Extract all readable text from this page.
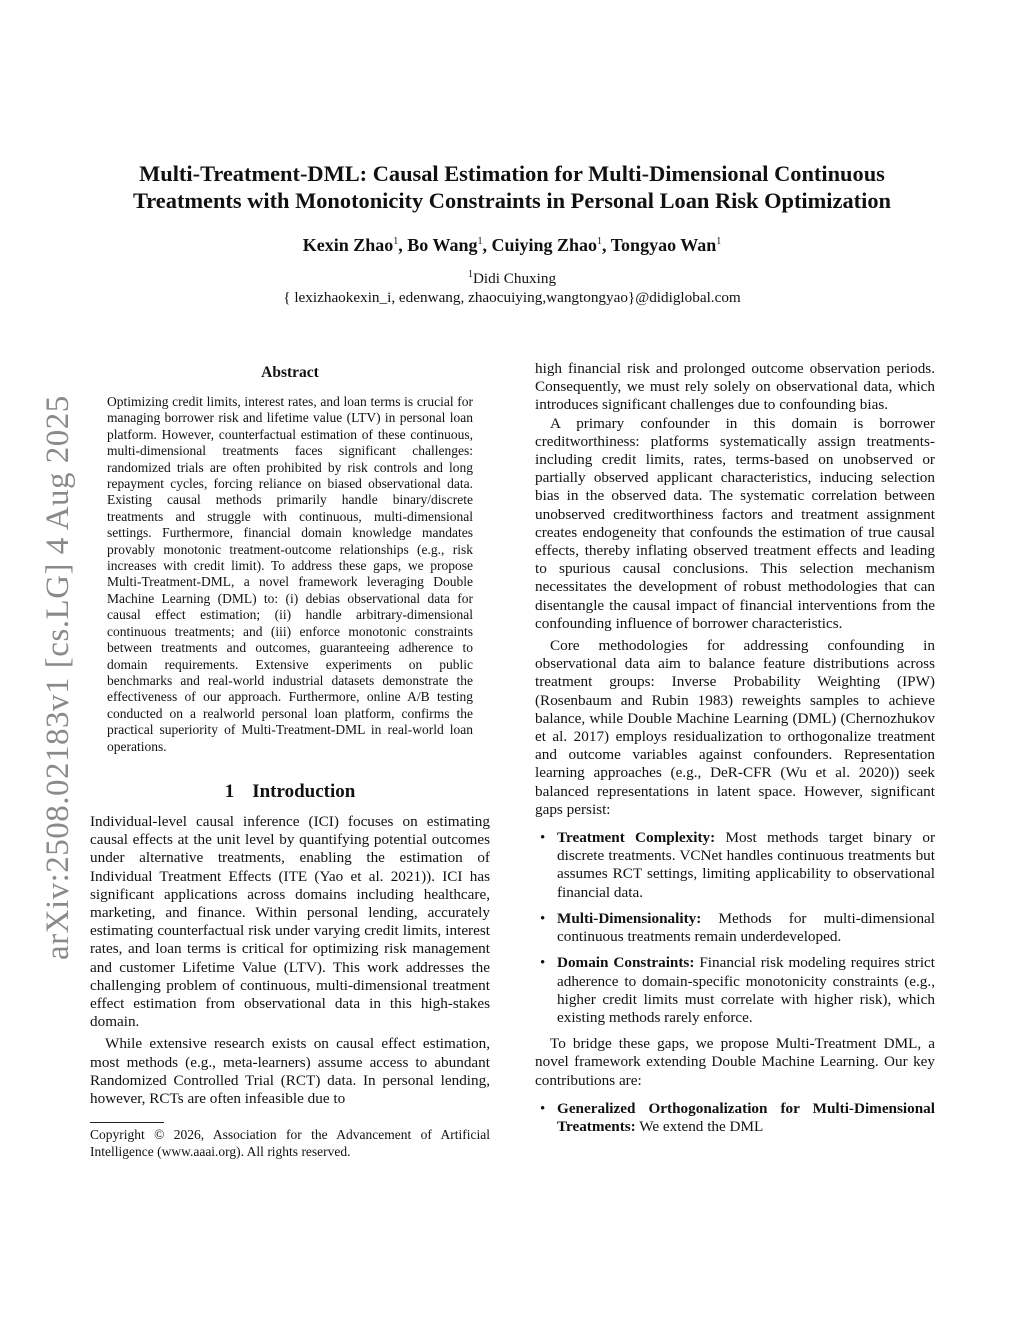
arXiv:2508.02183v1 [cs.LG] 4 Aug 2025
Multi-Treatment-DML: Causal Estimation for Multi-Dimensional Continuous
Treatments with Monotonicity Constraints in Personal Loan Risk Optimization
Kexin Zhao$^1$, Bo Wang$^1$, Cuiying Zhao$^1$, Tongyao Wan$^1$
$^1$Didi Chuxing
{ lexizhaokexin_i, edenwang, zhaocuiying,wangtongyao}@didiglobal.com
Abstract
Optimizing credit limits, interest rates, and loan terms is crucial for managing borrower risk and lifetime value (LTV) in personal loan platform. However, counterfactual estimation of these continuous, multi-dimensional treatments faces significant challenges: randomized trials are often prohibited by risk controls and long repayment cycles, forcing reliance on biased observational data. Existing causal methods primarily handle binary/discrete treatments and struggle with continuous, multi-dimensional settings. Furthermore, financial domain knowledge mandates provably monotonic treatment-outcome relationships (e.g., risk increases with credit limit). To address these gaps, we propose Multi-Treatment-DML, a novel framework leveraging Double Machine Learning (DML) to: (i) debias observational data for causal effect estimation; (ii) handle arbitrary-dimensional continuous treatments; and (iii) enforce monotonic constraints between treatments and outcomes, guaranteeing adherence to domain requirements. Extensive experiments on public benchmarks and real-world industrial datasets demonstrate the effectiveness of our approach. Furthermore, online A/B testing conducted on a realworld personal loan platform, confirms the practical superiority of Multi-Treatment-DML in real-world loan operations.
1 Introduction

Individual-level causal inference (ICI) focuses on estimating causal effects at the unit level by quantifying potential outcomes under alternative treatments, enabling the estimation of Individual Treatment Effects (ITE (Yao et al. 2021)). ICI has significant applications across domains including healthcare, marketing, and finance. Within personal lending, accurately estimating counterfactual risk under varying credit limits, interest rates, and loan terms is critical for optimizing risk management and customer Lifetime Value (LTV). This work addresses the challenging problem of continuous, multi-dimensional treatment effect estimation from observational data in this high-stakes domain.

While extensive research exists on causal effect estimation, most methods (e.g., meta-learners) assume access to abundant Randomized Controlled Trial (RCT) data. In personal lending, however, RCTs are often infeasible due to

Copyright © 2026, Association for the Advancement of Artificial Intelligence (www.aaai.org). All rights reserved.

high financial risk and prolonged outcome observation periods. Consequently, we must rely solely on observational data, which introduces significant challenges due to confounding bias.

A primary confounder in this domain is borrower creditworthiness: platforms systematically assign treatments-including credit limits, rates, terms-based on unobserved or partially observed applicant characteristics, inducing selection bias in the observed data. The systematic correlation between unobserved creditworthiness factors and treatment assignment creates endogeneity that confounds the estimation of true causal effects, thereby inflating observed treatment effects and leading to spurious causal conclusions. This selection mechanism necessitates the development of robust methodologies that can disentangle the causal impact of financial interventions from the confounding influence of borrower characteristics.

Core methodologies for addressing confounding in observational data aim to balance feature distributions across treatment groups: Inverse Probability Weighting (IPW) (Rosenbaum and Rubin 1983) reweights samples to achieve balance, while Double Machine Learning (DML) (Chernozhukov et al. 2017) employs residualization to orthogonalize treatment and outcome variables against confounders. Representation learning approaches (e.g., DeR-CFR (Wu et al. 2020)) seek balanced representations in latent space. However, significant gaps persist:

• Treatment Complexity: Most methods target binary or discrete treatments. VCNet handles continuous treatments but assumes RCT settings, limiting applicability to observational financial data.
• Multi-Dimensionality: Methods for multi-dimensional continuous treatments remain underdeveloped.
• Domain Constraints: Financial risk modeling requires strict adherence to domain-specific monotonicity constraints (e.g., higher credit limits must correlate with higher risk), which existing methods rarely enforce.

To bridge these gaps, we propose Multi-Treatment DML, a novel framework extending Double Machine Learning. Our key contributions are:

• Generalized Orthogonalization for Multi-Dimensional Treatments: We extend the DML
